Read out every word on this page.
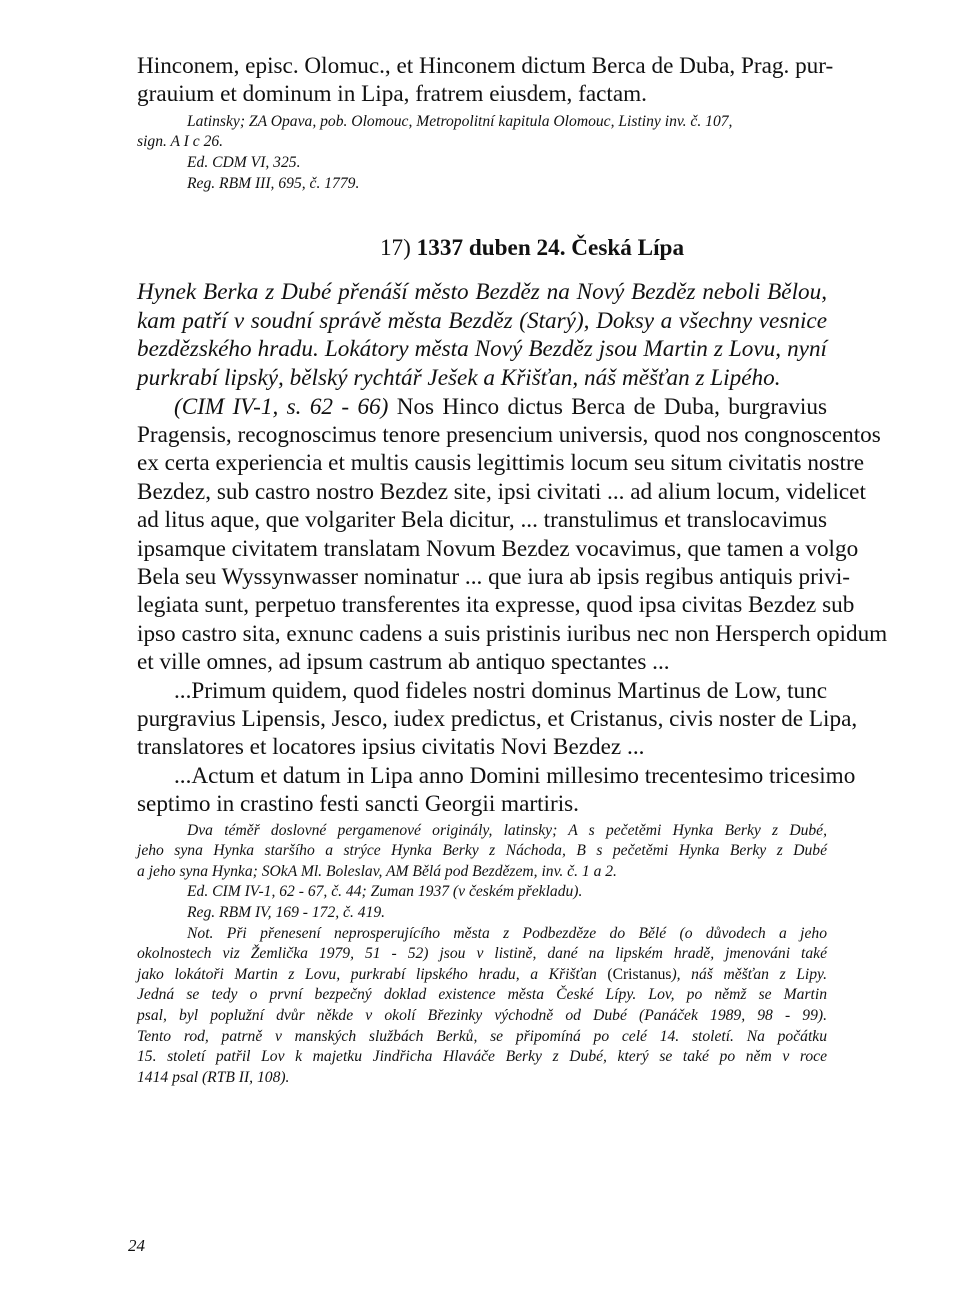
Hinconem, episc. Olomuc., et Hinconem dictum Berca de Duba, Prag. pur-
grauium et dominum in Lipa, fratrem eiusdem, factam.
Latinsky; ZA Opava, pob. Olomouc, Metropolitní kapitula Olomouc, Listiny inv. č. 107,
sign. A I c 26.
Ed. CDM VI, 325.
Reg. RBM III, 695, č. 1779.
17) 1337 duben 24. Česká Lípa
Hynek Berka z Dubé přenáší město Bezděz na Nový Bezděz neboli Bělou,
kam patří v soudní správě města Bezděz (Starý), Doksy a všechny vesnice
bezdězského hradu. Lokátory města Nový Bezděz jsou Martin z Lovu, nyní
purkrabí lipský, bělský rychtář Ješek a Křišťan, náš měšťan z Lipého.
(CIM IV-1, s. 62 - 66) Nos Hinco dictus Berca de Duba, burgravius
Pragensis, recognoscimus tenore presencium universis, quod nos congnoscentos
ex certa experiencia et multis causis legittimis locum seu situm civitatis nostre
Bezdez, sub castro nostro Bezdez site, ipsi civitati ... ad alium locum, videlicet
ad litus aque, que volgariter Bela dicitur, ... transtulimus et translocavimus
ipsamque civitatem translatam Novum Bezdez vocavimus, que tamen a volgo
Bela seu Wyssynwasser nominatur ... que iura ab ipsis regibus antiquis privi-
legiata sunt, perpetuo transferentes ita expresse, quod ipsa civitas Bezdez sub
ipso castro sita, exnunc cadens a suis pristinis iuribus nec non Hersperch opidum
et ville omnes, ad ipsum castrum ab antiquo spectantes ...
...Primum quidem, quod fideles nostri dominus Martinus de Low, tunc
purgravius Lipensis, Jesco, iudex predictus, et Cristanus, civis noster de Lipa,
translatores et locatores ipsius civitatis Novi Bezdez ...
...Actum et datum in Lipa anno Domini millesimo trecentesimo tricesimo
septimo in crastino festi sancti Georgii martiris.
Dva téměř doslovné pergamenové originály, latinsky; A s pečetěmi Hynka Berky z Dubé,
jeho syna Hynka staršího a strýce Hynka Berky z Náchoda, B s pečetěmi Hynka Berky z Dubé
a jeho syna Hynka; SOkA Ml. Boleslav, AM Bělá pod Bezdězem, inv. č. 1 a 2.
Ed. CIM IV-1, 62 - 67, č. 44; Zuman 1937 (v českém překladu).
Reg. RBM IV, 169 - 172, č. 419.
Not. Při přenesení neprosperujícího města z Podbezděze do Bělé (o důvodech a jeho
okolnostech viz Žemlička 1979, 51 - 52) jsou v listině, dané na lipském hradě, jmenováni také
jako lokátoři Martin z Lovu, purkrabí lipského hradu, a Křišťan (Cristanus), náš měšťan z Lipy.
Jedná se tedy o první bezpečný doklad existence města České Lípy. Lov, po němž se Martin
psal, byl poplužní dvůr někde v okolí Březinky východně od Dubé (Panáček 1989, 98 - 99).
Tento rod, patrně v manských službách Berků, se připomíná po celé 14. století. Na počátku
15. století patřil Lov k majetku Jindřicha Hlaváče Berky z Dubé, který se také po něm v roce
1414 psal (RTB II, 108).
24
